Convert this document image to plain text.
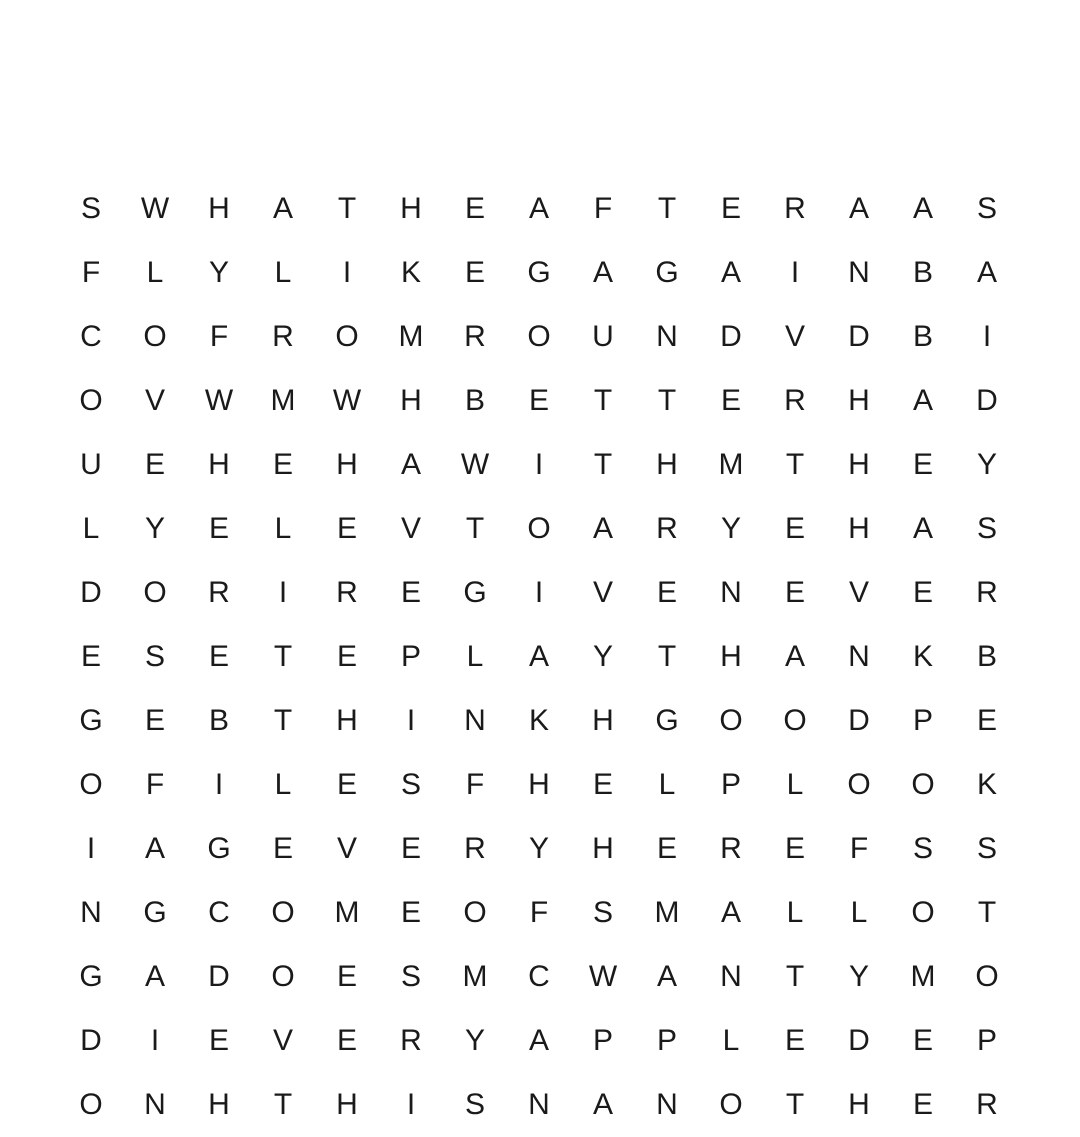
S	W	H	A	T	H	E	A	F	T	E	R	A	A	S
F	L	Y	L	I	K	E	G	A	G	A	I	N	B	A
C	O	F	R	O	M	R	O	U	N	D	V	D	B	I
O	V	W	M	W	H	B	E	T	T	E	R	H	A	D
U	E	H	E	H	A	W	I	T	H	M	T	H	E	Y
L	Y	E	L	E	V	T	O	A	R	Y	E	H	A	S
D	O	R	I	R	E	G	I	V	E	N	E	V	E	R
E	S	E	T	E	P	L	A	Y	T	H	A	N	K	B
G	E	B	T	H	I	N	K	H	G	O	O	D	P	E
O	F	I	L	E	S	F	H	E	L	P	L	O	O	K
I	A	G	E	V	E	R	Y	H	E	R	E	F	S	S
N	G	C	O	M	E	O	F	S	M	A	L	L	O	T
G	A	D	O	E	S	M	C	W	A	N	T	Y	M	O
D	I	E	V	E	R	Y	A	P	P	L	E	D	E	P
O	N	H	T	H	I	S	N	A	N	O	T	H	E	R
